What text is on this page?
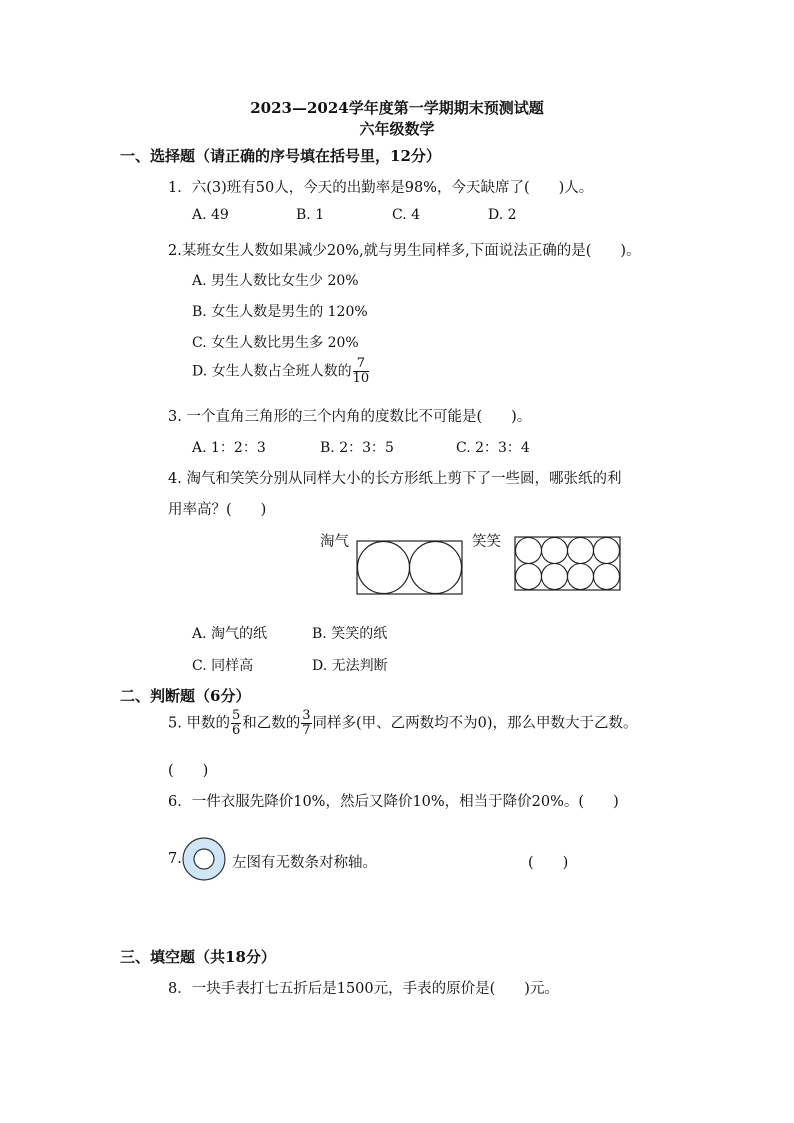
2023—2024学年度第一学期期末预测试题
六年级数学
一、选择题（请正确的序号填在括号里，12分）
1．六(3)班有50人，今天的出勤率是98%，今天缺席了(　　)人。
A. 49	B. 1	C. 4	D. 2
2.某班女生人数如果减少20%,就与男生同样多,下面说法正确的是(　　)。
A. 男生人数比女生少 20%
B. 女生人数是男生的 120%
C. 女生人数比男生多 20%
D. 女生人数占全班人数的 $\frac{7}{10}$
3. 一个直角三角形的三个内角的度数比不可能是(　　)。
A. 1：2：3	B. 2：3：5	C. 2：3：4
4. 淘气和笑笑分别从同样大小的长方形纸上剪下了一些圆，哪张纸的利
用率高？(　　)
淘气	笑笑
A. 淘气的纸	B. 笑笑的纸
C. 同样高	D. 无法判断
二、判断题（6分）
5. 甲数的 $\frac{5}{6}$ 和乙数的 $\frac{3}{7}$ 同样多(甲、乙两数均不为0)，那么甲数大于乙数。
(　　)
6．一件衣服先降价10%，然后又降价10%，相当于降价20%。(　　)
7.	左图有无数条对称轴。	(　　)
三、填空题（共18分）
8．一块手表打七五折后是1500元，手表的原价是(　　)元。
